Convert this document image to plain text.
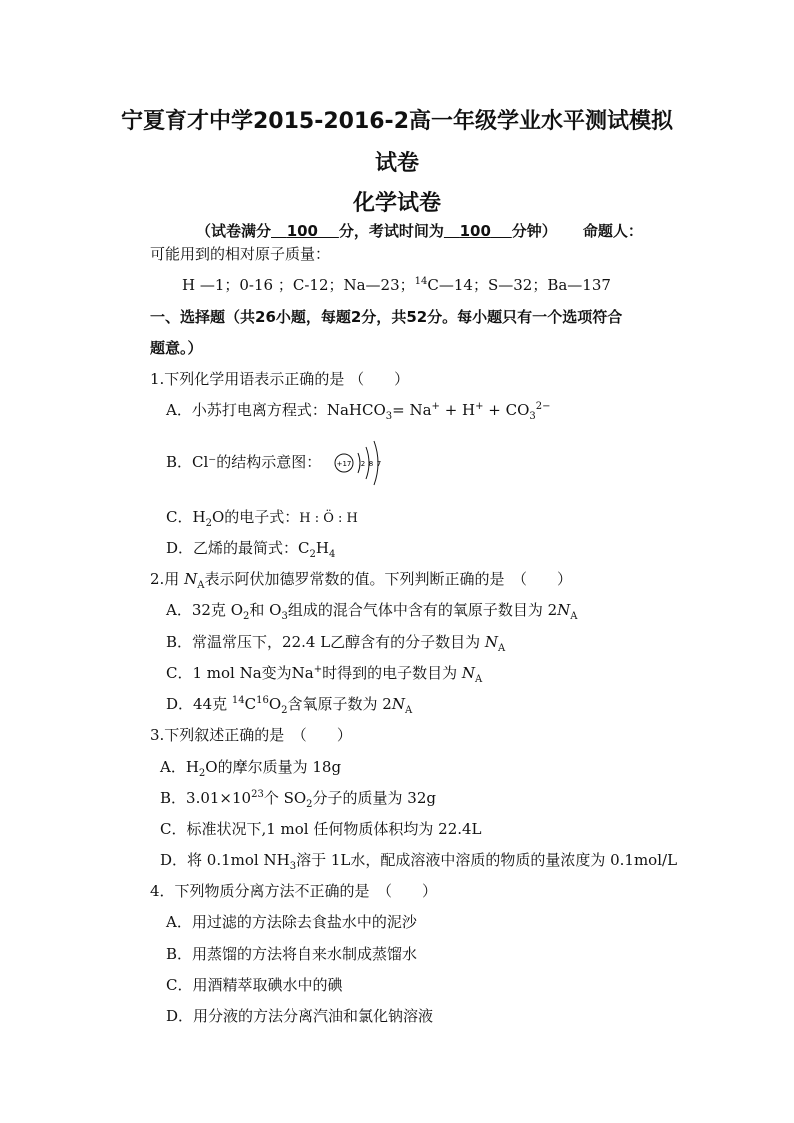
宁夏育才中学2015-2016-2高一年级学业水平测试模拟
试卷
化学试卷
（试卷满分 100 分，考试时间为 100 分钟） 命题人：
可能用到的相对原子质量：
H —1；0-16 ；C-12；Na—23；$^{14}$C—14；S—32；Ba—137
一、选择题（共26小题，每题2分，共52分。每小题只有一个选项符合
题意。）
1.下列化学用语表示正确的是 （　　）
A．小苏打电离方程式：NaHCO$_3$= $Na^+ + H^+ + CO_3^{2-}$
B．Cl⁻的结构示意图： +17 2 8 7
C．$H_2O$的电子式：H : Ö : H
D．乙烯的最简式：$C_2H_4$
2.用 $N_A$表示阿伏加德罗常数的值。下列判断正确的是　（　　）
A．32克 $O_2$和 $O_3$组成的混合气体中含有的氧原子数目为 $2N_A$
B．常温常压下，22.4 L乙醇含有的分子数目为 $N_A$
C．1 mol Na变为Na+时得到的电子数目为 $N_A$
D．44克 $^{14}C^{16}O_2$含氧原子数为 $2N_A$
3.下列叙述正确的是　（　　）
A．$H_2O$的摩尔质量为 18g
B．$3.01\times 10^{23}$个 $SO_2$分子的质量为 32g
C．标准状况下,1 mol 任何物质体积均为 22.4L
D．将 0.1mol $NH_3$溶于 1L水，配成溶液中溶质的物质的量浓度为 0.1mol/L
4．下列物质分离方法不正确的是　（　　）
A．用过滤的方法除去食盐水中的泥沙
B．用蒸馏的方法将自来水制成蒸馏水
C．用酒精萃取碘水中的碘
D．用分液的方法分离汽油和氯化钠溶液
